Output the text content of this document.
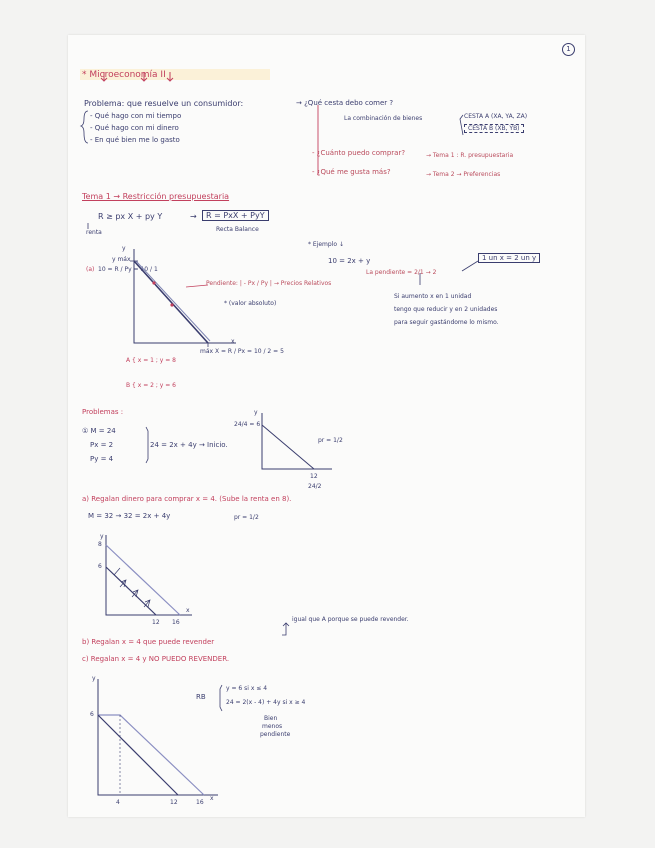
* Microeconomía II
1
Problema: que resuelve un consumidor:
- Qué hago con mi tiempo
- Qué hago con mi dinero
- En qué bien me lo gasto
→ ¿Qué cesta debo comer ?
La combinación de bienes	CESTA A (XA, YA, ZA)
CESTA B (XB, YB)
- ¿Cuánto puedo comprar?	→ Tema 1 : R. presupuestaria
- ¿Qué me gusta más?	→ Tema 2 → Preferencias
Tema 1 → Restricción presupuestaria
R ≥ px X + py Y	→	R = PxX + PyY
renta	Recta Balance
y
y máx
(a) 10 = R / Py = 10 / 1
x
máx X = R / Px = 10 / 2 = 5
Pendiente: | - Px / Py | → Precios Relativos
* (valor absoluto)
A { x = 1 ; y = 8
B { x = 2 ; y = 6
* Ejemplo ↓
10 = 2x + y
La pendiente = 2/1 → 2
1 un x = 2 un y
Si aumento x en 1 unidad
tengo que reducir y en 2 unidades
para seguir gastándome lo mismo.
Problemas :
① M = 24
Px = 2
Py = 4
24 = 2x + 4y → Inicio.
y
24/4 = 6
pr = 1/2
12
24/2
a) Regalan dinero para comprar x = 4. (Sube la renta en 8).
M = 32 → 32 = 2x + 4y	pr = 1/2
y
8
6
12 16
x
b) Regalan x = 4 que puede revender
igual que A porque se puede revender.
c) Regalan x = 4 y NO PUEDO REVENDER.
y
6
4	12	16
x
RB
y = 6 si x ≤ 4
24 = 2(x - 4) + 4y si x ≥ 4
Bien
menos
pendiente
